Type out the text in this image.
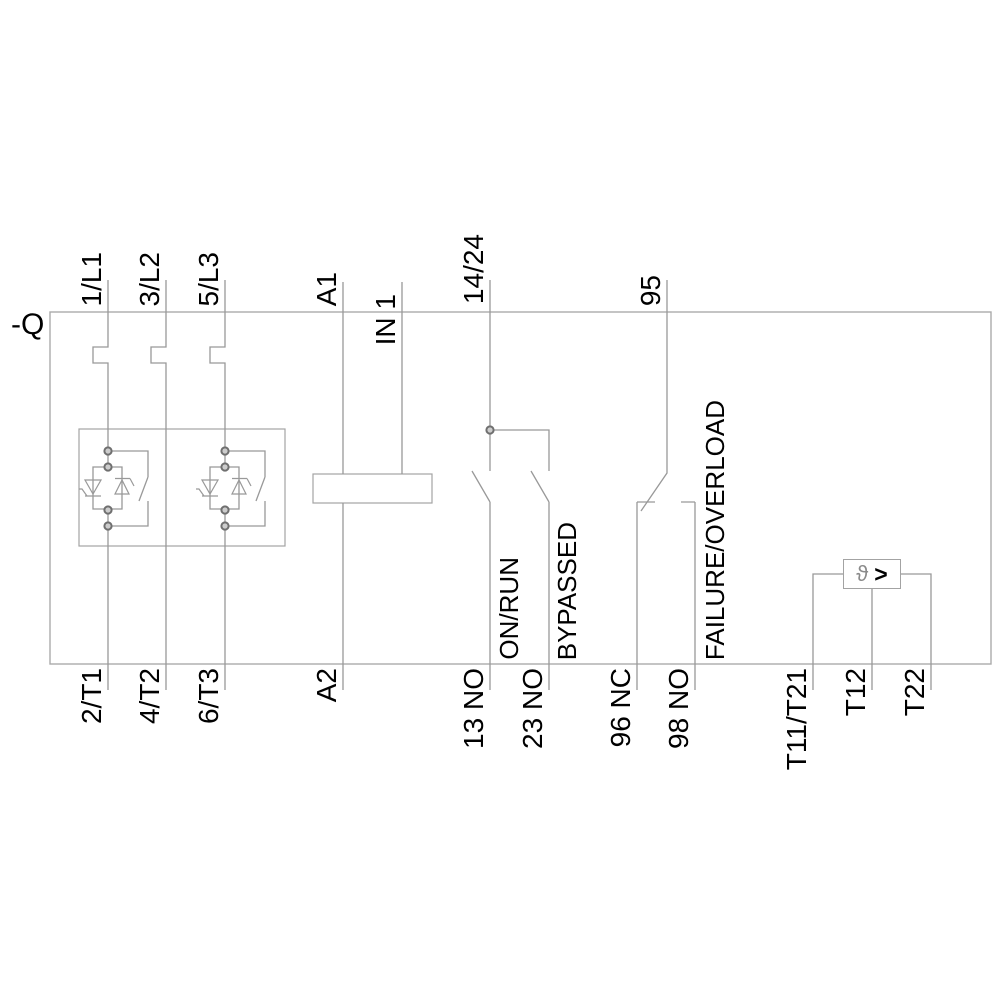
-Q
1/L1 3/L2 5/L3	A1
IN 1
14/24	95
2/T1 4/T2 6/T3	A2	13 NO 23 NO 96 NC 98 NO	T11/T21 T12 T22
ON/RUN BYPASSED	FAILURE/OVERLOAD	ϑ >
